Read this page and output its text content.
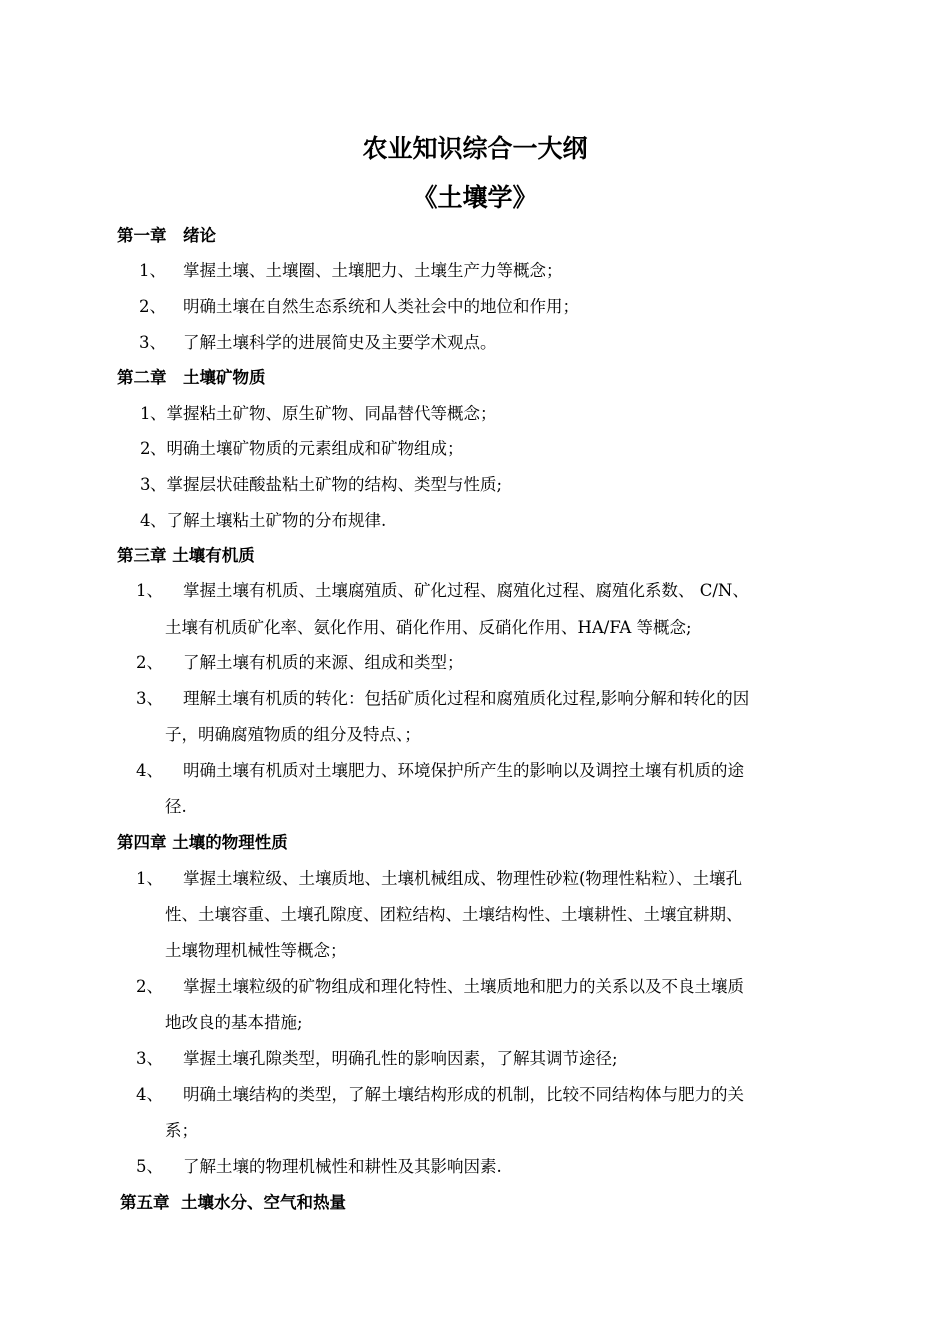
农业知识综合一大纲
《土壤学》
第一章　绪论
1、 掌握土壤、土壤圈、土壤肥力、土壤生产力等概念；
2、 明确土壤在自然生态系统和人类社会中的地位和作用；
3、 了解土壤科学的进展简史及主要学术观点。
第二章　土壤矿物质
1 、掌握粘土矿物、原生矿物、同晶替代等概念；
2 、明确土壤矿物质的元素组成和矿物组成；
3 、掌握层状硅酸盐粘土矿物的结构、类型与性质;
4 、了解土壤粘土矿物的分布规律.
第三章 土壤有机质
1、 掌握土壤有机质、土壤腐殖质、矿化过程、腐殖化过程、腐殖化系数、 C/N、
土壤有机质矿化率、氨化作用、硝化作用、反硝化作用、HA/FA 等概念;
2、 了解土壤有机质的来源、组成和类型；
3、 理解土壤有机质的转化：包括矿质化过程和腐殖质化过程,影响分解和转化的因
子，明确腐殖物质的组分及特点、；
4、 明确土壤有机质对土壤肥力、环境保护所产生的影响以及调控土壤有机质的途
径.
第四章 土壤的物理性质
1、 掌握土壤粒级、土壤质地、土壤机械组成、物理性砂粒(物理性粘粒）、土壤孔
性、土壤容重、土壤孔隙度、团粒结构、土壤结构性、土壤耕性、土壤宜耕期、
土壤物理机械性等概念；
2、 掌握土壤粒级的矿物组成和理化特性、土壤质地和肥力的关系以及不良土壤质
地改良的基本措施;
3、 掌握土壤孔隙类型，明确孔性的影响因素，了解其调节途径;
4、 明确土壤结构的类型，了解土壤结构形成的机制，比较不同结构体与肥力的关
系；
5、 了解土壤的物理机械性和耕性及其影响因素.
第五章  土壤水分、空气和热量
